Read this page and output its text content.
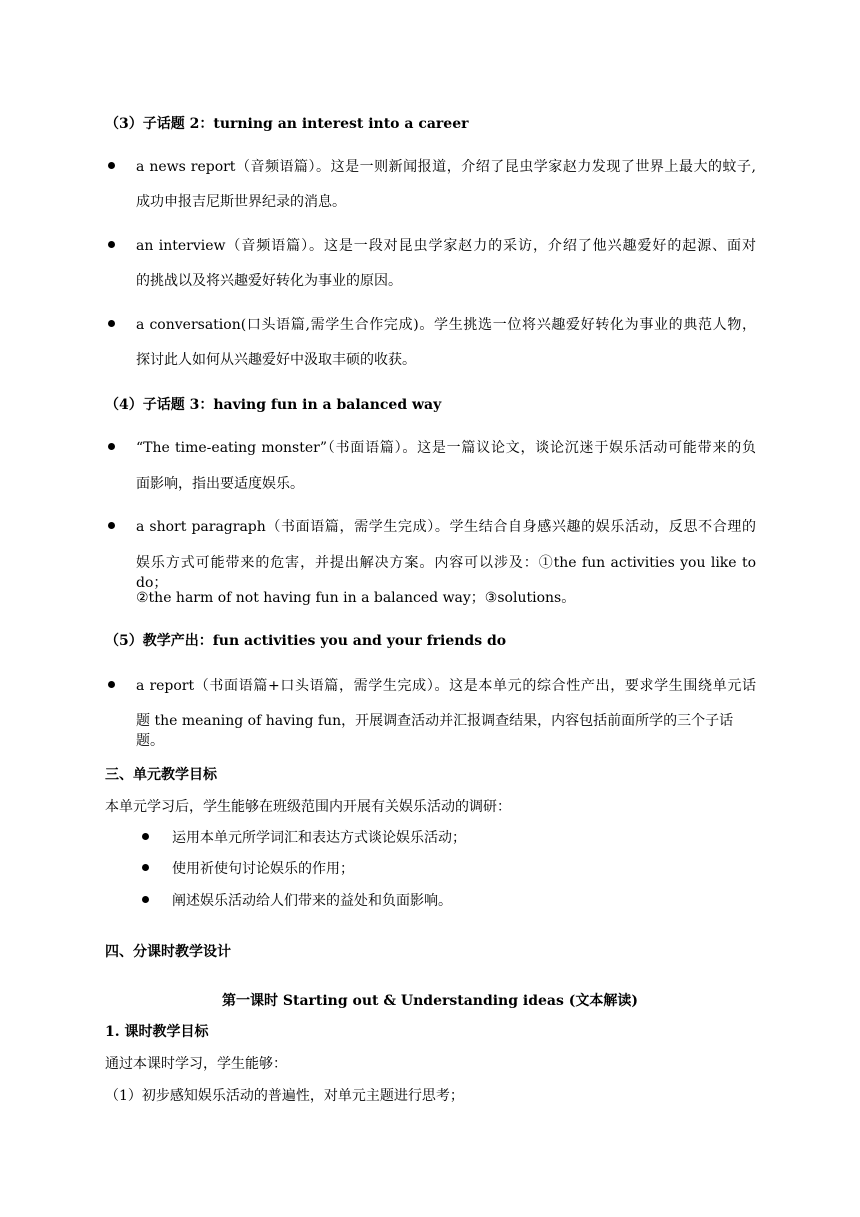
（3）子话题 2：turning an interest into a career
a news report（音频语篇）。这是一则新闻报道，介绍了昆虫学家赵力发现了世界上最大的蚊子,
成功申报吉尼斯世界纪录的消息。
an interview（音频语篇）。这是一段对昆虫学家赵力的采访，介绍了他兴趣爱好的起源、面对
的挑战以及将兴趣爱好转化为事业的原因。
a conversation(口头语篇,需学生合作完成)。学生挑选一位将兴趣爱好转化为事业的典范人物，
探讨此人如何从兴趣爱好中汲取丰硕的收获。
（4）子话题 3：having fun in a balanced way
“The time-eating monster”（书面语篇）。这是一篇议论文，谈论沉迷于娱乐活动可能带来的负
面影响，指出要适度娱乐。
a short paragraph（书面语篇，需学生完成）。学生结合自身感兴趣的娱乐活动，反思不合理的
娱乐方式可能带来的危害，并提出解决方案。内容可以涉及：①the fun activities you like to do；
②the harm of not having fun in a balanced way；③solutions。
（5）教学产出：fun activities you and your friends do
a report（书面语篇+口头语篇，需学生完成）。这是本单元的综合性产出，要求学生围绕单元话
题 the meaning of having fun，开展调查活动并汇报调查结果，内容包括前面所学的三个子话题。
三、单元教学目标
本单元学习后，学生能够在班级范围内开展有关娱乐活动的调研：
运用本单元所学词汇和表达方式谈论娱乐活动；
使用祈使句讨论娱乐的作用；
阐述娱乐活动给人们带来的益处和负面影响。
四、分课时教学设计
第一课时 Starting out & Understanding ideas (文本解读)
1. 课时教学目标
通过本课时学习，学生能够：
（1）初步感知娱乐活动的普遍性，对单元主题进行思考；
